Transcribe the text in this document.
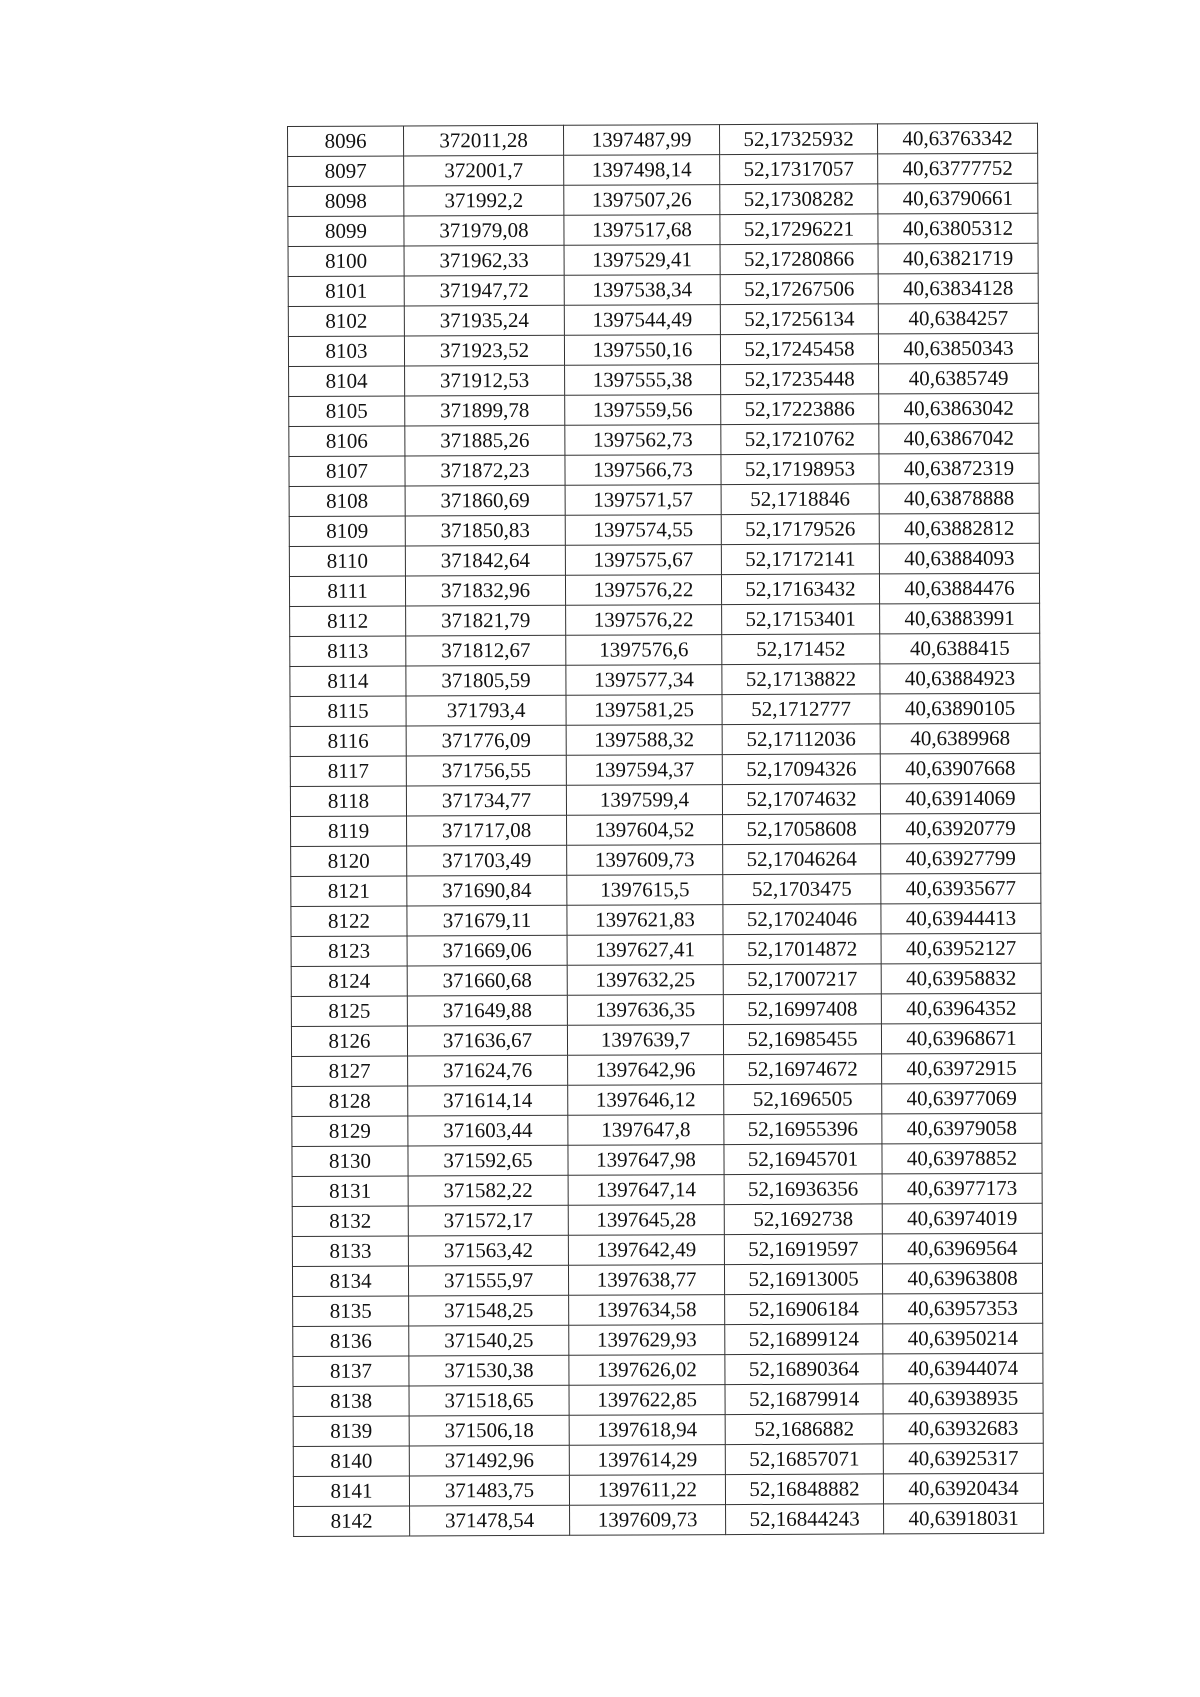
8096	372011,28	1397487,99	52,17325932	40,63763342
8097	372001,7	1397498,14	52,17317057	40,63777752
8098	371992,2	1397507,26	52,17308282	40,63790661
8099	371979,08	1397517,68	52,17296221	40,63805312
8100	371962,33	1397529,41	52,17280866	40,63821719
8101	371947,72	1397538,34	52,17267506	40,63834128
8102	371935,24	1397544,49	52,17256134	40,6384257
8103	371923,52	1397550,16	52,17245458	40,63850343
8104	371912,53	1397555,38	52,17235448	40,6385749
8105	371899,78	1397559,56	52,17223886	40,63863042
8106	371885,26	1397562,73	52,17210762	40,63867042
8107	371872,23	1397566,73	52,17198953	40,63872319
8108	371860,69	1397571,57	52,1718846	40,63878888
8109	371850,83	1397574,55	52,17179526	40,63882812
8110	371842,64	1397575,67	52,17172141	40,63884093
8111	371832,96	1397576,22	52,17163432	40,63884476
8112	371821,79	1397576,22	52,17153401	40,63883991
8113	371812,67	1397576,6	52,171452	40,6388415
8114	371805,59	1397577,34	52,17138822	40,63884923
8115	371793,4	1397581,25	52,1712777	40,63890105
8116	371776,09	1397588,32	52,17112036	40,6389968
8117	371756,55	1397594,37	52,17094326	40,63907668
8118	371734,77	1397599,4	52,17074632	40,63914069
8119	371717,08	1397604,52	52,17058608	40,63920779
8120	371703,49	1397609,73	52,17046264	40,63927799
8121	371690,84	1397615,5	52,1703475	40,63935677
8122	371679,11	1397621,83	52,17024046	40,63944413
8123	371669,06	1397627,41	52,17014872	40,63952127
8124	371660,68	1397632,25	52,17007217	40,63958832
8125	371649,88	1397636,35	52,16997408	40,63964352
8126	371636,67	1397639,7	52,16985455	40,63968671
8127	371624,76	1397642,96	52,16974672	40,63972915
8128	371614,14	1397646,12	52,1696505	40,63977069
8129	371603,44	1397647,8	52,16955396	40,63979058
8130	371592,65	1397647,98	52,16945701	40,63978852
8131	371582,22	1397647,14	52,16936356	40,63977173
8132	371572,17	1397645,28	52,1692738	40,63974019
8133	371563,42	1397642,49	52,16919597	40,63969564
8134	371555,97	1397638,77	52,16913005	40,63963808
8135	371548,25	1397634,58	52,16906184	40,63957353
8136	371540,25	1397629,93	52,16899124	40,63950214
8137	371530,38	1397626,02	52,16890364	40,63944074
8138	371518,65	1397622,85	52,16879914	40,63938935
8139	371506,18	1397618,94	52,1686882	40,63932683
8140	371492,96	1397614,29	52,16857071	40,63925317
8141	371483,75	1397611,22	52,16848882	40,63920434
8142	371478,54	1397609,73	52,16844243	40,63918031
